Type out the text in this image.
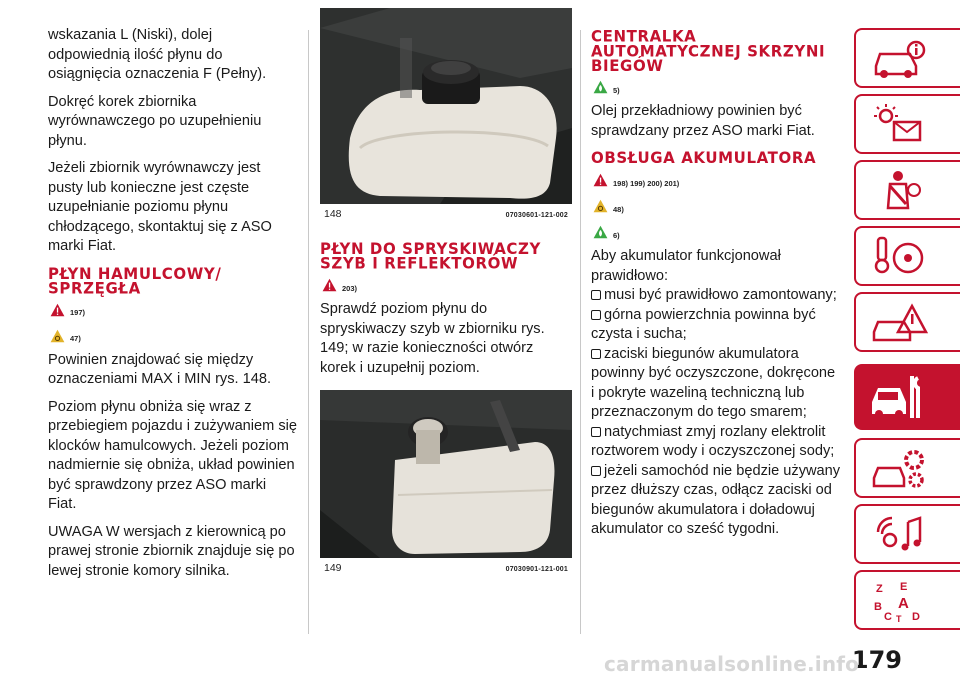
wskazania L (Niski), dolej odpowiednią ilość płynu do osiągnięcia oznaczenia F (Pełny).

Dokręć korek zbiornika wyrównawczego po uzupełnieniu płynu.

Jeżeli zbiornik wyrównawczy jest pusty lub konieczne jest częste uzupełnianie poziomu płynu chłodzącego, skontaktuj się z ASO marki Fiat.

PŁYN HAMULCOWY/ SPRZĘGŁA
197)
47)

Powinien znajdować się między oznaczeniami MAX i MIN rys. 148.

Poziom płynu obniża się wraz z przebiegiem pojazdu i zużywaniem się klocków hamulcowych. Jeżeli poziom nadmiernie się obniża, układ powinien być sprawdzony przez ASO marki Fiat.

UWAGA W wersjach z kierownicą po prawej stronie zbiornik znajduje się po lewej stronie komory silnika.

148	07030601-121-002
PŁYN DO SPRYSKIWACZY SZYB I REFLEKTORÓW
203)

Sprawdź poziom płynu do spryskiwaczy szyb w zbiorniku rys. 149; w razie konieczności otwórz korek i uzupełnij poziom.

149	07030901-121-001
CENTRALKA AUTOMATYCZNEJ SKRZYNI BIEGÓW
5)

Olej przekładniowy powinien być sprawdzany przez ASO marki Fiat.

OBSŁUGA AKUMULATORA
198) 199) 200) 201)
48)
6)

Aby akumulator funkcjonował prawidłowo:

musi być prawidłowo zamontowany;

górna powierzchnia powinna być czysta i sucha;

zaciski biegunów akumulatora powinny być oczyszczone, dokręcone i pokryte wazeliną techniczną lub przeznaczonym do tego smarem;

natychmiast zmyj rozlany elektrolit roztworem wody i oczyszczonej sody;

jeżeli samochód nie będzie używany przez dłuższy czas, odłącz zaciski od biegunów akumulatora i doładowuj akumulator co sześć tygodni.

Z E
B A
C T D
179
carmanualsonline.info
